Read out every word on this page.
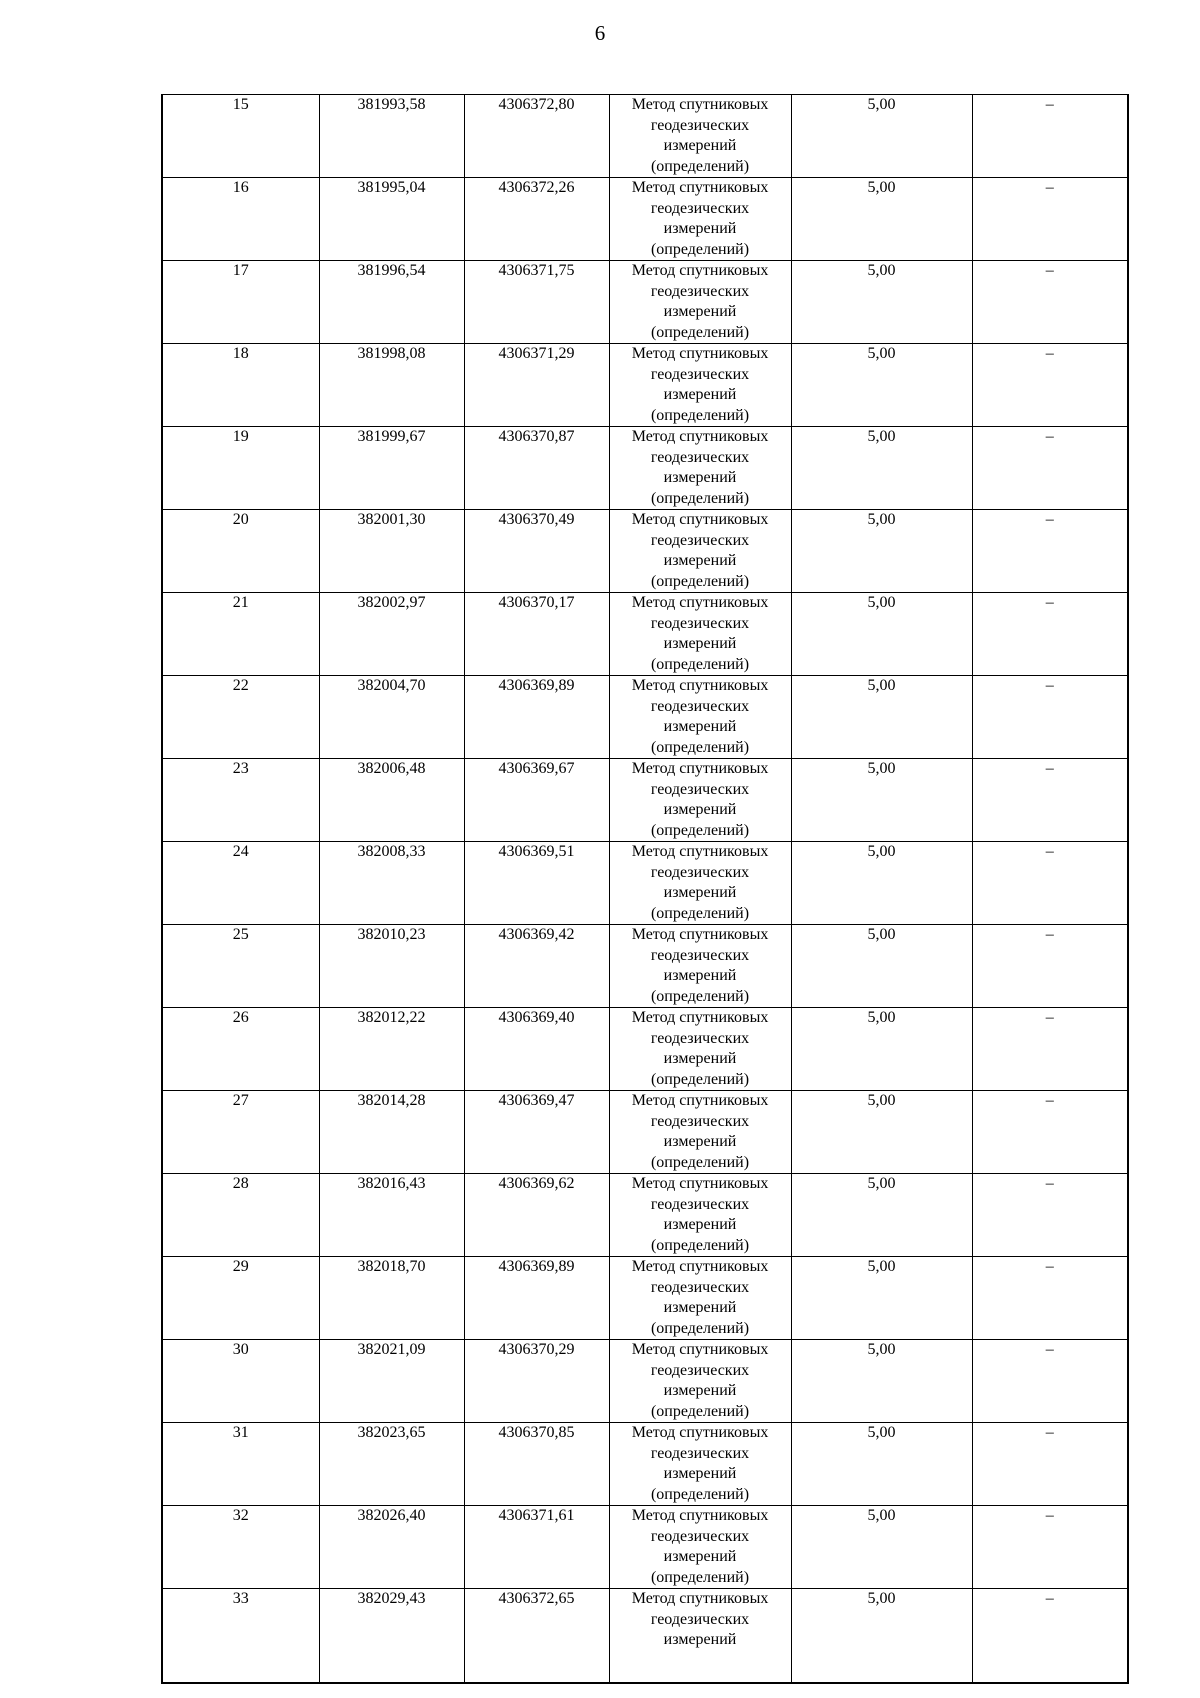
6
15	381993,58	4306372,80	Метод спутниковых
геодезических
измерений
(определений)	5,00	–
16	381995,04	4306372,26	Метод спутниковых
геодезических
измерений
(определений)	5,00	–
17	381996,54	4306371,75	Метод спутниковых
геодезических
измерений
(определений)	5,00	–
18	381998,08	4306371,29	Метод спутниковых
геодезических
измерений
(определений)	5,00	–
19	381999,67	4306370,87	Метод спутниковых
геодезических
измерений
(определений)	5,00	–
20	382001,30	4306370,49	Метод спутниковых
геодезических
измерений
(определений)	5,00	–
21	382002,97	4306370,17	Метод спутниковых
геодезических
измерений
(определений)	5,00	–
22	382004,70	4306369,89	Метод спутниковых
геодезических
измерений
(определений)	5,00	–
23	382006,48	4306369,67	Метод спутниковых
геодезических
измерений
(определений)	5,00	–
24	382008,33	4306369,51	Метод спутниковых
геодезических
измерений
(определений)	5,00	–
25	382010,23	4306369,42	Метод спутниковых
геодезических
измерений
(определений)	5,00	–
26	382012,22	4306369,40	Метод спутниковых
геодезических
измерений
(определений)	5,00	–
27	382014,28	4306369,47	Метод спутниковых
геодезических
измерений
(определений)	5,00	–
28	382016,43	4306369,62	Метод спутниковых
геодезических
измерений
(определений)	5,00	–
29	382018,70	4306369,89	Метод спутниковых
геодезических
измерений
(определений)	5,00	–
30	382021,09	4306370,29	Метод спутниковых
геодезических
измерений
(определений)	5,00	–
31	382023,65	4306370,85	Метод спутниковых
геодезических
измерений
(определений)	5,00	–
32	382026,40	4306371,61	Метод спутниковых
геодезических
измерений
(определений)	5,00	–
33	382029,43	4306372,65	Метод спутниковых
геодезических
измерений	5,00	–
